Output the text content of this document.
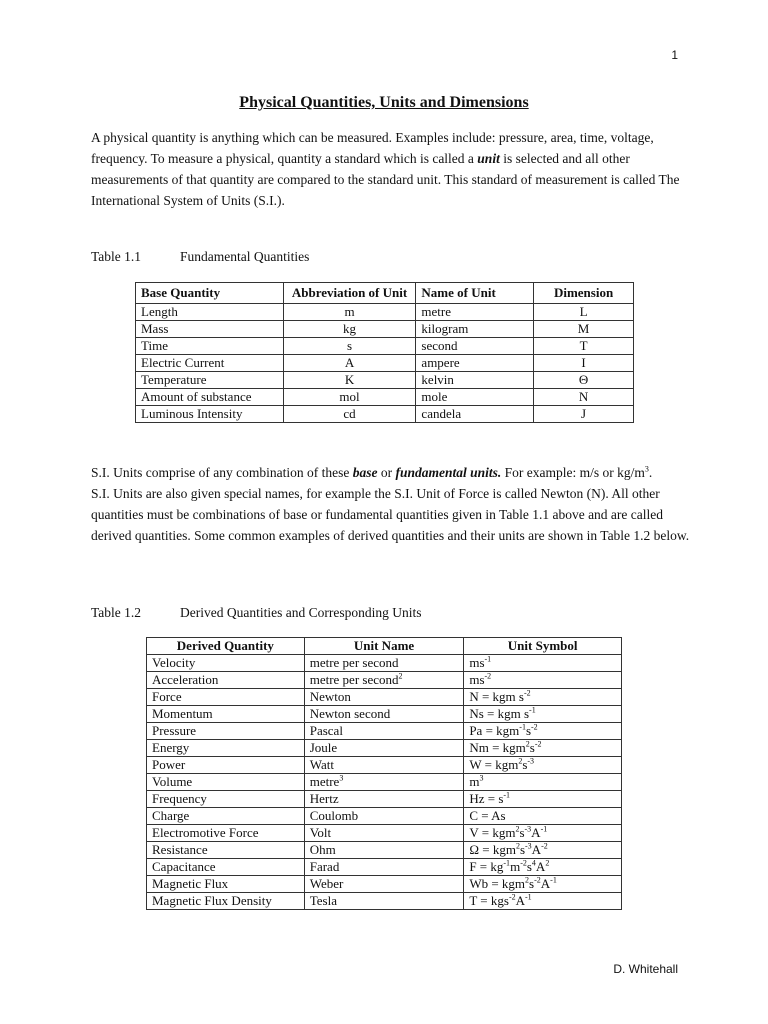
1
Physical Quantities, Units and Dimensions
A physical quantity is anything which can be measured. Examples include: pressure, area, time, voltage, frequency. To measure a physical, quantity a standard which is called a unit is selected and all other measurements of that quantity are compared to the standard unit. This standard of measurement is called The International System of Units (S.I.).
Table 1.1	Fundamental Quantities
Base Quantity	Abbreviation of Unit	Name of Unit	Dimension
Length	m	metre	L
Mass	kg	kilogram	M
Time	s	second	T
Electric Current	A	ampere	I
Temperature	K	kelvin	Θ
Amount of substance	mol	mole	N
Luminous Intensity	cd	candela	J
S.I. Units comprise of any combination of these base or fundamental units. For example: m/s or $kg/m^3$.
S.I. Units are also given special names, for example the S.I. Unit of Force is called Newton (N). All other quantities must be combinations of base or fundamental quantities given in Table 1.1 above and are called derived quantities. Some common examples of derived quantities and their units are shown in Table 1.2 below.
Table 1.2	Derived Quantities and Corresponding Units
Derived Quantity	Unit Name	Unit Symbol
Velocity	metre per second	$ms^{-1}$
Acceleration	metre per second$^2$	$ms^{-2}$
Force	Newton	N = kgm $s^{-2}$
Momentum	Newton second	Ns = kgm $s^{-1}$
Pressure	Pascal	$Pa = kgm^{-1}s^{-2}$
Energy	Joule	$Nm = kgm^2s^{-2}$
Power	Watt	$W = kgm^2s^{-3}$
Volume	metre$^3$	$m^3$
Frequency	Hertz	$Hz = s^{-1}$
Charge	Coulomb	C = As
Electromotive Force	Volt	$V = kgm^2s^{-3}A^{-1}$
Resistance	Ohm	$\Omega = kgm^2s^{-3}A^{-2}$
Capacitance	Farad	$F = kg^{-1}m^{-2}s^4A^2$
Magnetic Flux	Weber	$Wb = kgm^2s^{-2}A^{-1}$
Magnetic Flux Density	Tesla	$T = kgs^{-2}A^{-1}$
D. Whitehall
